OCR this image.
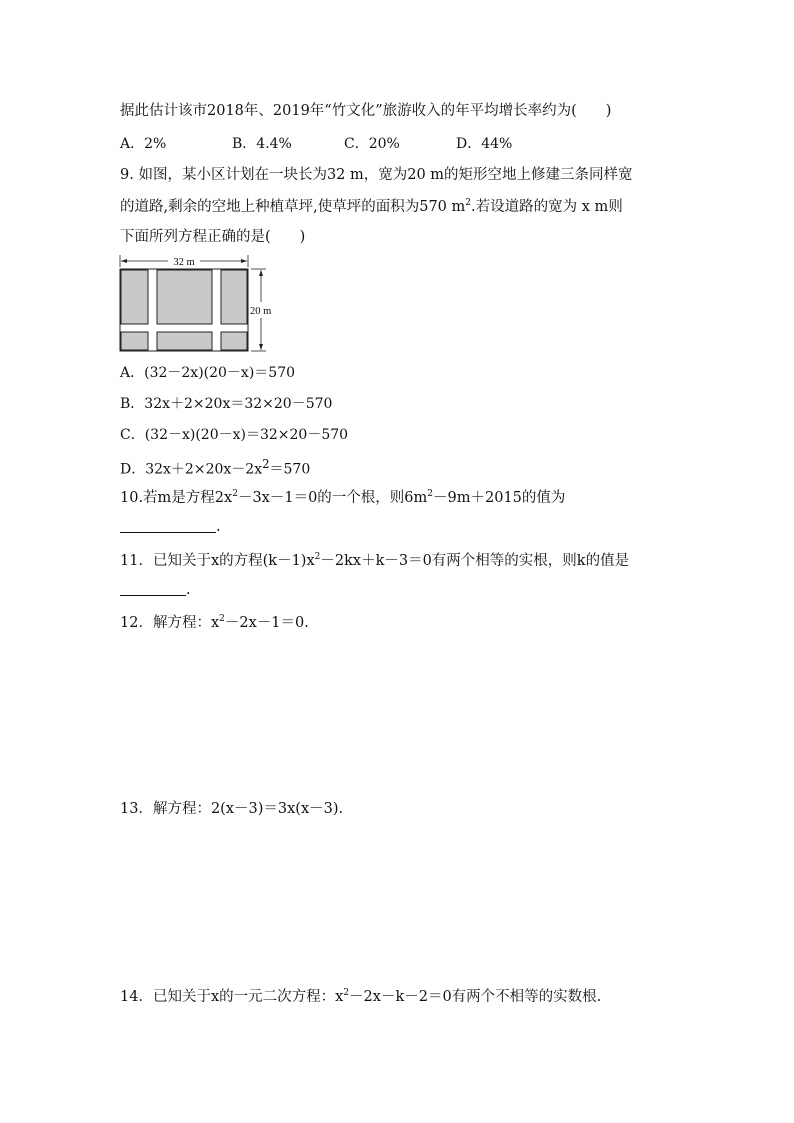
据此估计该市2018年、2019年“竹文化”旅游收入的年平均增长率约为(　　)
A．2%	B．4.4%	C．20%	D．44%
9. 如图，某小区计划在一块长为32 m，宽为20 m的矩形空地上修建三条同样宽
的道路,剩余的空地上种植草坪,使草坪的面积为570 $m^2$.若设道路的宽为 x m则
下面所列方程正确的是(　　)
32 m
20 m
A．(32－2x)(20－x)＝570
B．32x＋2×20x＝32×20－570
C．(32－x)(20－x)＝32×20－570
D．$32x+2\times 20x-2x^2=570$
10.若m是方程$2x^2-3x-1=0$的一个根，则$6m^2-9m+2015$的值为
.
11．已知关于x的方程$(k-1)x^2-2kx+k-3=0$有两个相等的实根，则k的值是
.
12．解方程：$x^2-2x-1=0$.
13．解方程：2(x－3)＝3x(x－3).
14．已知关于x的一元二次方程：$x^2-2x-k-2=0$有两个不相等的实数根.
